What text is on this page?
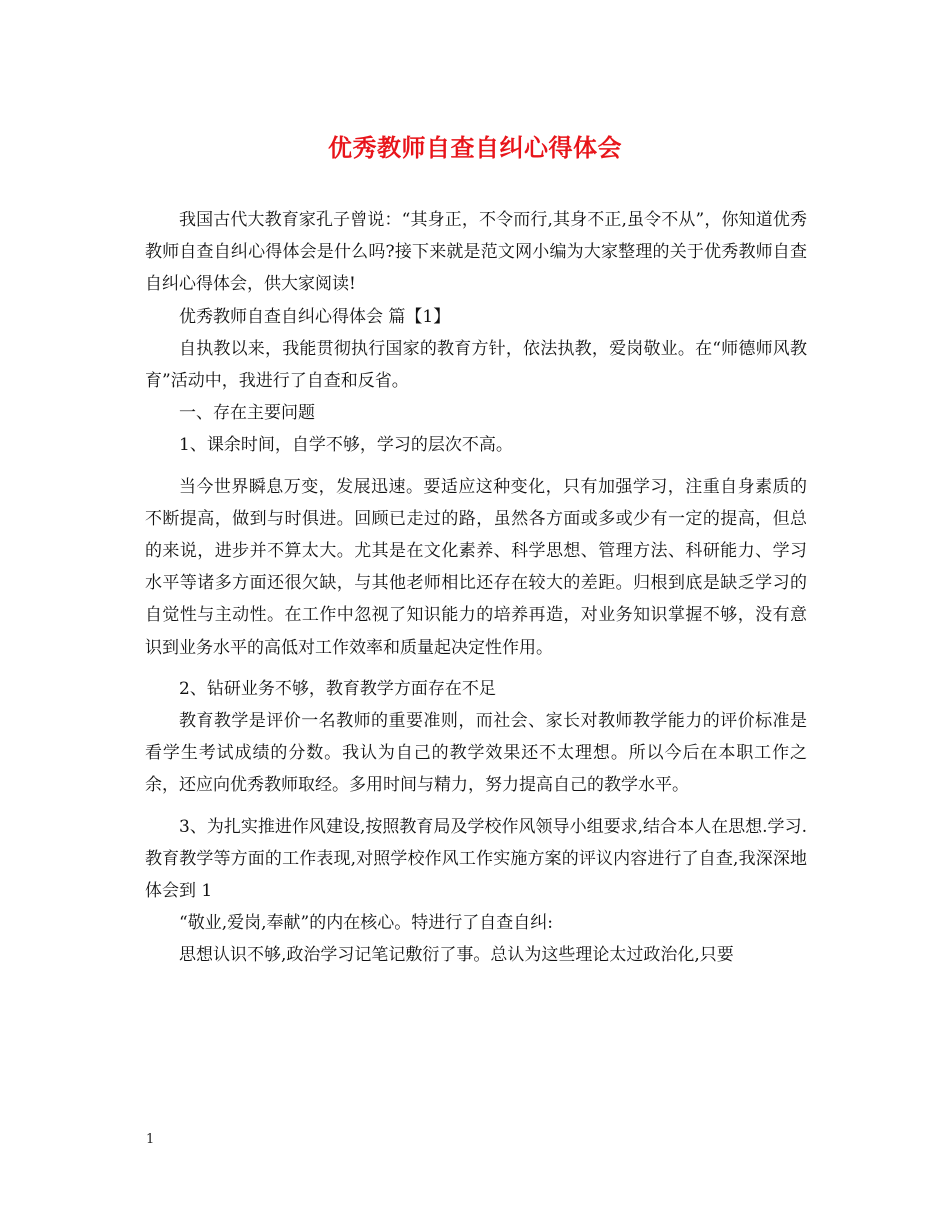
优秀教师自查自纠心得体会

我国古代大教育家孔子曾说：“其身正，不令而行,其身不正,虽令不从”，你知道优秀教师自查自纠心得体会是什么吗?接下来就是范文网小编为大家整理的关于优秀教师自查自纠心得体会，供大家阅读!

优秀教师自查自纠心得体会 篇【1】

自执教以来，我能贯彻执行国家的教育方针，依法执教，爱岗敬业。在“师德师风教育”活动中，我进行了自查和反省。

一、存在主要问题

1、课余时间，自学不够，学习的层次不高。

当今世界瞬息万变，发展迅速。要适应这种变化，只有加强学习，注重自身素质的不断提高，做到与时俱进。回顾已走过的路，虽然各方面或多或少有一定的提高，但总的来说，进步并不算太大。尤其是在文化素养、科学思想、管理方法、科研能力、学习水平等诸多方面还很欠缺，与其他老师相比还存在较大的差距。归根到底是缺乏学习的自觉性与主动性。在工作中忽视了知识能力的培养再造，对业务知识掌握不够，没有意识到业务水平的高低对工作效率和质量起决定性作用。

2、钻研业务不够，教育教学方面存在不足

教育教学是评价一名教师的重要准则，而社会、家长对教师教学能力的评价标准是看学生考试成绩的分数。我认为自己的教学效果还不太理想。所以今后在本职工作之余，还应向优秀教师取经。多用时间与精力，努力提高自己的教学水平。

3、为扎实推进作风建设,按照教育局及学校作风领导小组要求,结合本人在思想.学习.教育教学等方面的工作表现,对照学校作风工作实施方案的评议内容进行了自查,我深深地体会到 1

“敬业,爱岗,奉献”的内在核心。特进行了自查自纠:

思想认识不够,政治学习记笔记敷衍了事。总认为这些理论太过政治化,只要

1
